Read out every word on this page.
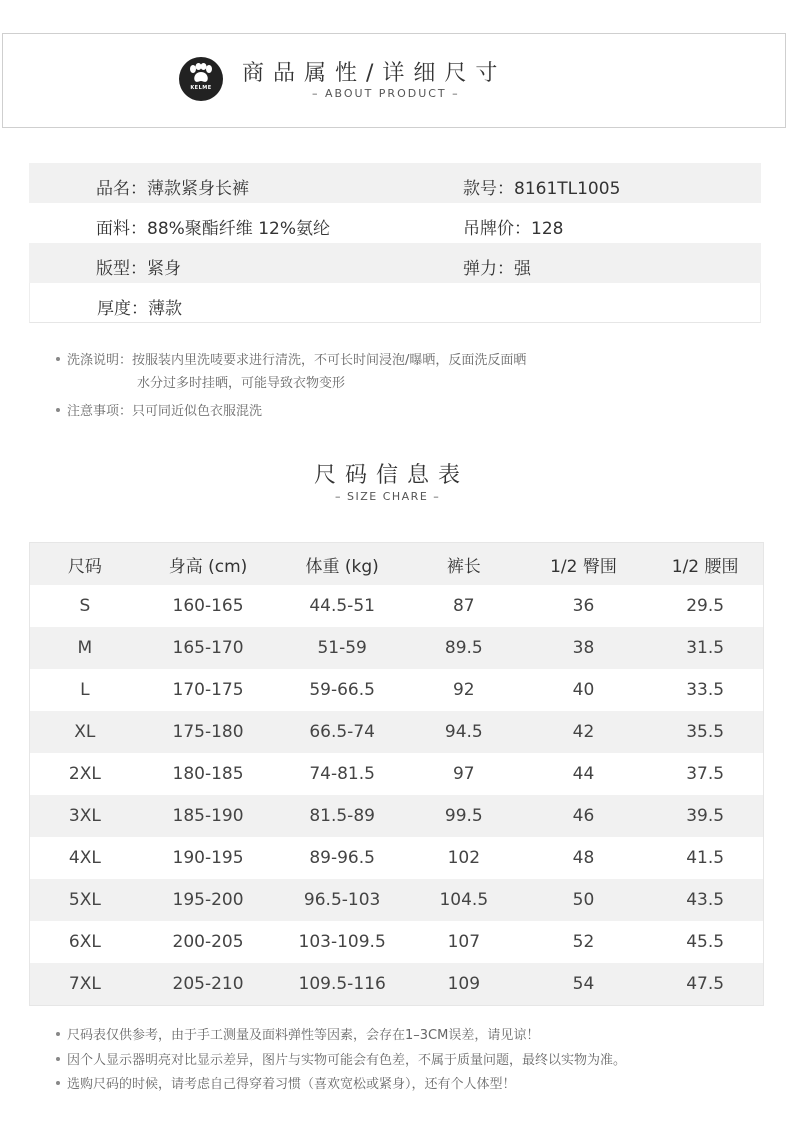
KELME
商品属性/详细尺寸
– ABOUT PRODUCT –
品名：薄款紧身长裤	款号：8161TL1005
面料：88%聚酯纤维 12%氨纶	吊牌价：128
版型：紧身	弹力：强
厚度：薄款
洗涤说明：按服装内里洗唛要求进行清洗，不可长时间浸泡/曝晒，反面洗反面晒
水分过多时挂晒，可能导致衣物变形
注意事项：只可同近似色衣服混洗
尺码信息表
– SIZE CHARE –
尺码	身高 (cm)	体重 (kg)	裤长	1/2 臀围	1/2 腰围
S	160-165	44.5-51	87	36	29.5
M	165-170	51-59	89.5	38	31.5
L	170-175	59-66.5	92	40	33.5
XL	175-180	66.5-74	94.5	42	35.5
2XL	180-185	74-81.5	97	44	37.5
3XL	185-190	81.5-89	99.5	46	39.5
4XL	190-195	89-96.5	102	48	41.5
5XL	195-200	96.5-103	104.5	50	43.5
6XL	200-205	103-109.5	107	52	45.5
7XL	205-210	109.5-116	109	54	47.5
尺码表仅供参考，由于手工测量及面料弹性等因素，会存在1–3CM误差，请见谅！
因个人显示器明亮对比显示差异，图片与实物可能会有色差，不属于质量问题，最终以实物为准。
选购尺码的时候，请考虑自己得穿着习惯（喜欢宽松或紧身），还有个人体型！
